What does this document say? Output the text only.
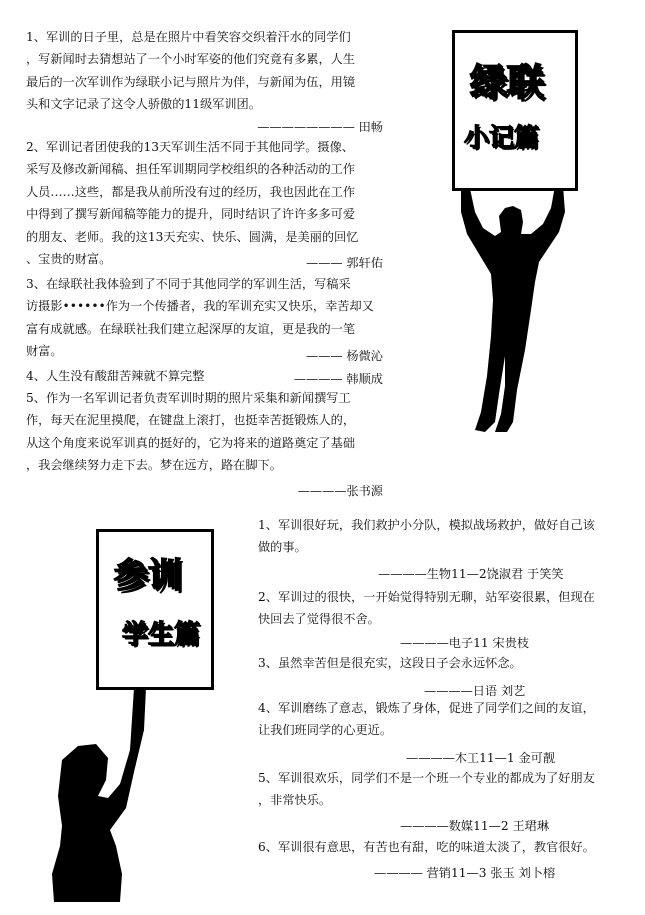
1、军训的日子里，总是在照片中看笑容交织着汗水的同学们
，写新闻时去猜想站了一个小时军姿的他们究竟有多累，人生
最后的一次军训作为绿联小记与照片为伴，与新闻为伍，用镜
头和文字记录了这令人骄傲的11级军训团。
———————— 田畅
2、军训记者团使我的13天军训生活不同于其他同学。摄像、
采写及修改新闻稿、担任军训期同学校组织的各种活动的工作
人员……这些，都是我从前所没有过的经历，我也因此在工作
中得到了撰写新闻稿等能力的提升，同时结识了许许多多可爱
的朋友、老师。我的这13天充实、快乐、圆满，是美丽的回忆
、宝贵的财富。	——— 郭轩佑
3、在绿联社我体验到了不同于其他同学的军训生活，写稿采
访摄影••••••作为一个传播者，我的军训充实又快乐，幸苦却又
富有成就感。在绿联社我们建立起深厚的友谊，更是我的一笔
财富。	——— 杨微沁
4、人生没有酸甜苦辣就不算完整	———— 韩顺成
5、作为一名军训记者负责军训时期的照片采集和新闻撰写工
作，每天在泥里摸爬，在键盘上滚打，也挺幸苦挺锻炼人的，
从这个角度来说军训真的挺好的，它为将来的道路奠定了基础
，我会继续努力走下去。梦在远方，路在脚下。
————张书源
绿联
小记篇
参训
学生篇
1、军训很好玩，我们救护小分队，模拟战场救护，做好自己该
做的事。
————生物11—2饶淑君 于笑笑
2、军训过的很快，一开始觉得特别无聊，站军姿很累，但现在
快回去了觉得很不舍。
————电子11 宋贵枝
3、虽然幸苦但是很充实，这段日子会永远怀念。
————日语 刘艺
4、军训磨练了意志，锻炼了身体，促进了同学们之间的友谊，
让我们班同学的心更近。
————木工11—1 金可靓
5、军训很欢乐，同学们不是一个班一个专业的都成为了好朋友
，非常快乐。
————数媒11—2 王珺琳
6、军训很有意思，有苦也有甜，吃的味道太淡了，教官很好。
———— 营销11—3 张玉 刘卜榕
